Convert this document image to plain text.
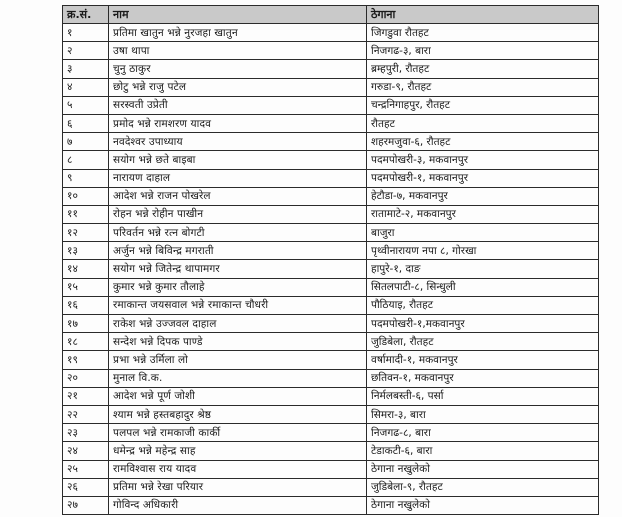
क्र.सं.	नाम	ठेगाना
१	प्रतिमा खातुन भन्ने नुरजहा खातुन	जिगडुवा रौतहट
२	उषा थापा	निजगढ-३, बारा
३	चुनु ठाकुर	ब्रम्हपुरी, रौतहट
४	छोटु भन्ने राजु पटेल	गरुडा-९, रौतहट
५	सरस्वती उप्रेती	चन्द्रनिगाहपुर, रौतहट
६	प्रमोद भन्ने रामशरण यादव	रौतहट
७	नवदेश्वर उपाध्याय	शहरमजुवा-६, रौतहट
८	सयोग भन्ने छते बाइबा	पदमपोखरी-३, मकवानपुर
९	नारायण दाहाल	पदमपोखरी-१, मकवानपुर
१०	आदेश भन्ने राजन पोखरेल	हेटौडा-७, मकवानपुर
११	रोहन भन्ने रोहीन पाखीन	रातामाटे-२, मकवानपुर
१२	परिवर्तन भन्ने रत्न बोगटी	बाजुरा
१३	अर्जुन भन्ने बिविन्द्र मगराती	पृथ्वीनारायण नपा ८, गोरखा
१४	सयोग भन्ने जितेन्द्र थापामगर	हापुरे-१, दाङ
१५	कुमार भन्ने कुमार तौलाहे	सितलपाटी-८, सिन्धुली
१६	रमाकान्त जयसवाल भन्ने रमाकान्त चौधरी	पौठियाइ, रौतहट
१७	राकेश भन्ने उज्जवल दाहाल	पदमपोखरी-१,मकवानपुर
१८	सन्देश भन्ने दिपक पाण्डे	जुडिबेला, रौतहट
१९	प्रभा भन्ने उर्मिला लो	वर्षामादी-१, मकवानपुर
२०	मुनाल वि.क.	छतिवन-१, मकवानपुर
२१	आदेश भन्ने पूर्ण जोशी	निर्मलबस्ती-६, पर्सा
२२	श्याम भन्ने हस्तबहादुर श्रेष्ठ	सिमरा-३, बारा
२३	पलपल भन्ने रामकाजी कार्की	निजगढ-८, बारा
२४	धमेन्द्र भन्ने महेन्द्र साह	टेडाकटी-६, बारा
२५	रामविश्वास राय यादव	ठेगाना नखुलेको
२६	प्रतिमा भन्ने रेखा परियार	जुडिबेला-९, रौतहट
२७	गोविन्द अधिकारी	ठेगाना नखुलेको
